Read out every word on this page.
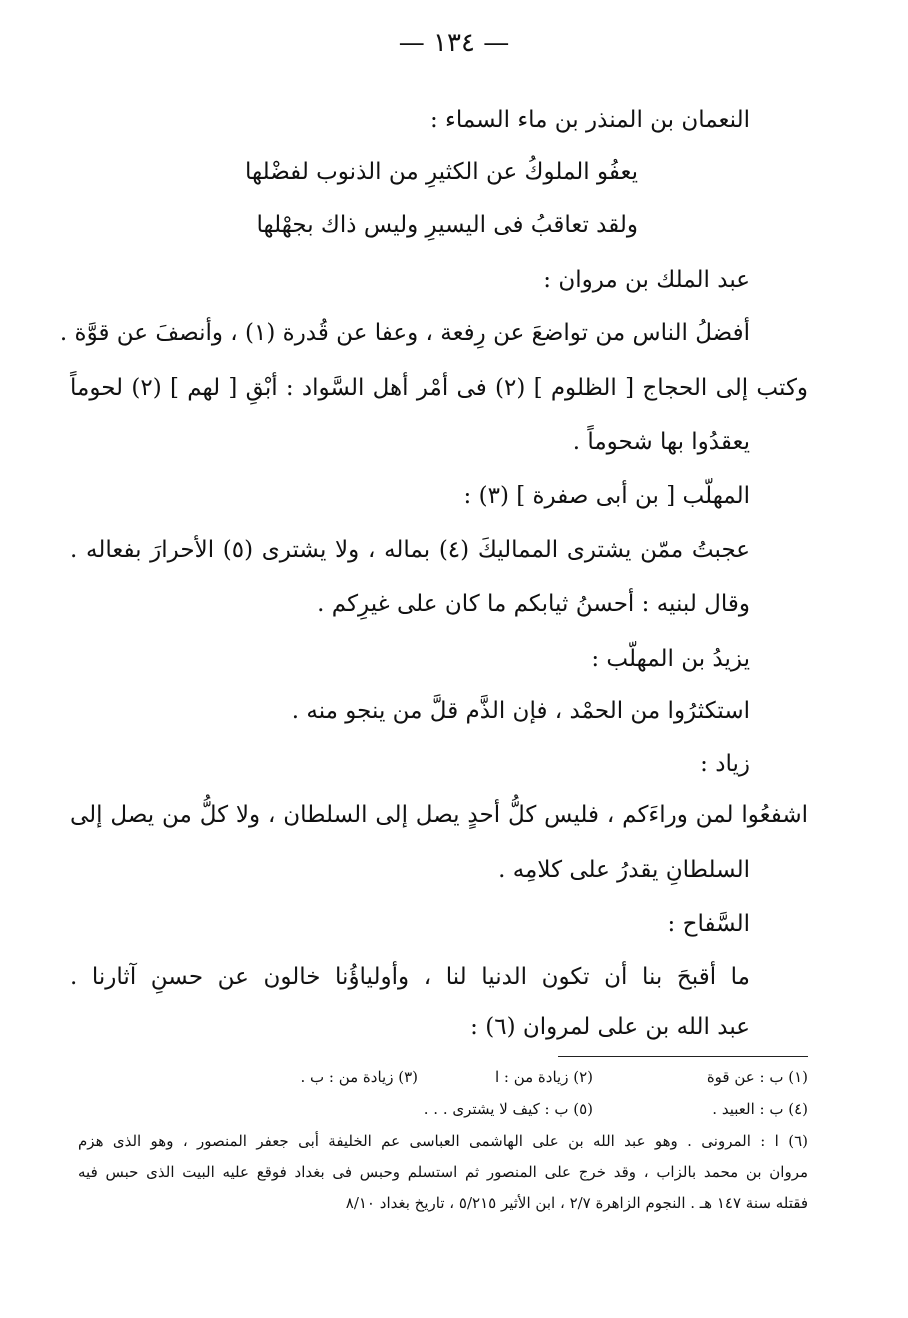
— ١٣٤ —
النعمان بن المنذر بن ماء السماء :
يعفُو الملوكُ عن الكثيرِ من الذنوب لفضْلها
ولقد تعاقبُ فى اليسيرِ وليس ذاك بجهْلها
عبد الملك بن مروان :
أفضلُ الناس من تواضعَ عن رِفعة ، وعفا عن قُدرة (١) ، وأنصفَ عن قوَّة .
وكتب إلى الحجاج [ الظلوم ] (٢) فى أمْر أهل السَّواد : أبْقِ [ لهم ] (٢) لحوماً
يعقدُوا بها شحوماً .
المهلّب [ بن أبى صفرة ] (٣) :
عجبتُ ممّن يشترى المماليكَ (٤) بماله ، ولا يشترى (٥) الأحرارَ بفعاله .
وقال لبنيه : أحسنُ ثيابكم ما كان على غيرِكم .
يزيدُ بن المهلّب :
استكثرُوا من الحمْد ، فإن الذَّم قلَّ من ينجو منه .
زياد :
اشفعُوا لمن وراءَكم ، فليس كلُّ أحدٍ يصل إلى السلطان ، ولا كلُّ من يصل إلى
السلطانِ يقدرُ على كلامِه .
السَّفاح :
ما أقبحَ بنا أن تكون الدنيا لنا ، وأولياؤُنا خالون عن حسنِ آثارنا .
عبد الله بن على لمروان (٦) :
(١) ب : عن قوة
(٢) زيادة من : ا
(٣) زيادة من : ب .
(٤) ب : العبيد .
(٥) ب : كيف لا يشترى . . .
(٦) ا : المرونى . وهو عبد الله بن على الهاشمى العباسى عم الخليفة أبى جعفر المنصور ، وهو الذى هزم
مروان بن محمد بالزاب ، وقد خرج على المنصور ثم استسلم وحبس فى بغداد فوقع عليه البيت الذى حبس فيه
فقتله سنة ١٤٧ هـ . النجوم الزاهرة ٢/٧ ، ابن الأثير ٥/٢١٥ ، تاريخ بغداد ٨/١٠
